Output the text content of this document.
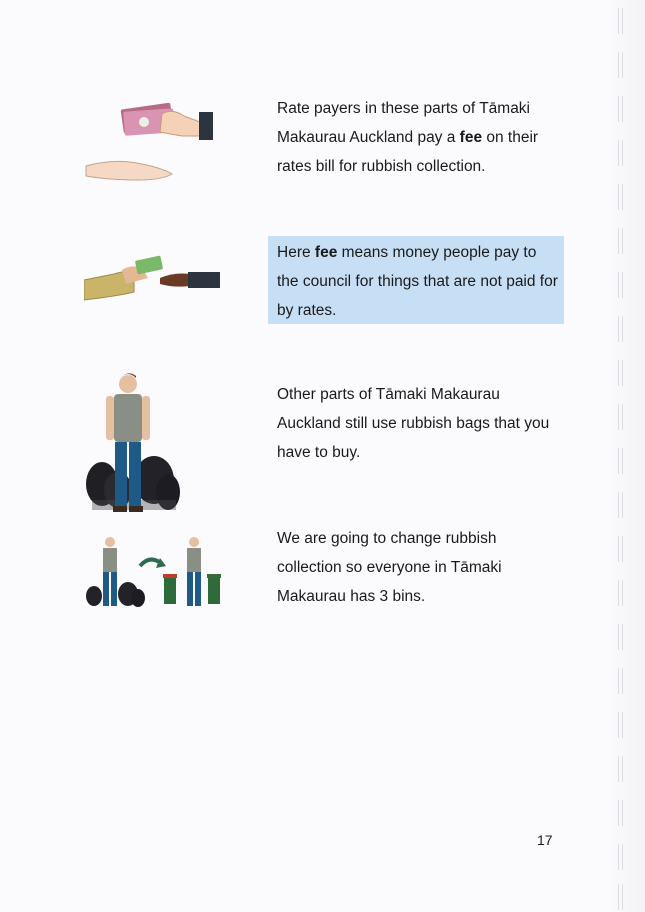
Rate payers in these parts of Tāmaki Makaurau Auckland pay a fee on their rates bill for rubbish collection.

Here fee means money people pay to the council for things that are not paid for by rates.

Other parts of Tāmaki Makaurau Auckland still use rubbish bags that you have to buy.

We are going to change rubbish collection so everyone in Tāmaki Makaurau has 3 bins.

17
